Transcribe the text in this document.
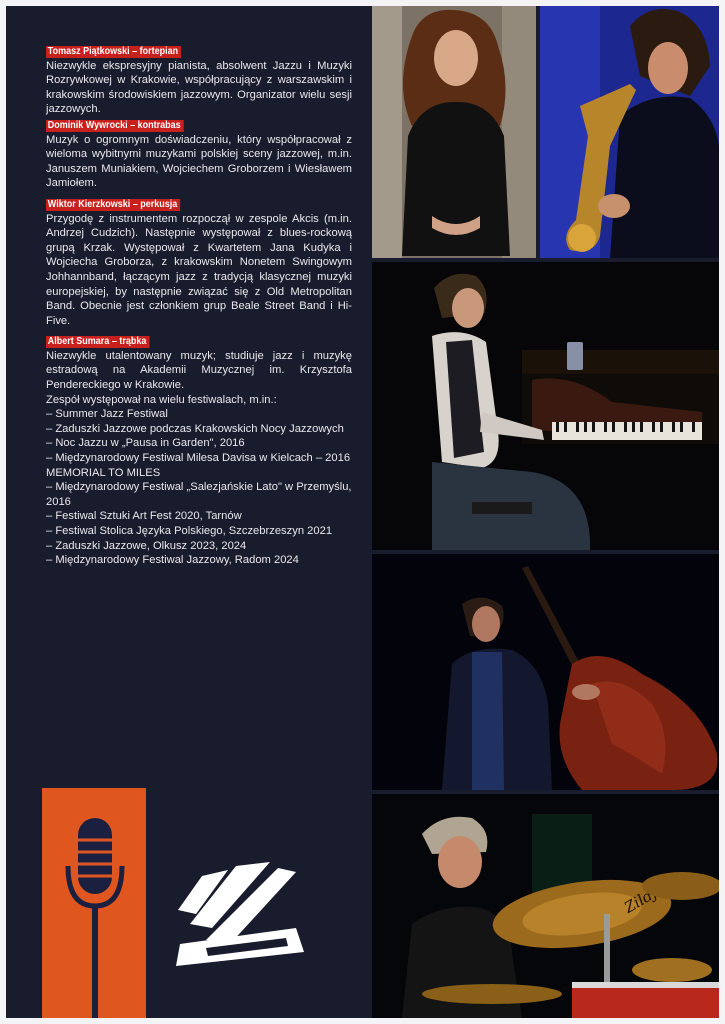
Tomasz Piątkowski – fortepian

Niezwykle ekspresyjny pianista, absolwent Jazzu i Muzyki Rozrywkowej w Krakowie, współpracujący z warszawskim i krakowskim środowiskiem jazzowym. Organizator wielu sesji jazzowych.

Dominik Wywrocki – kontrabas

Muzyk o ogromnym doświadczeniu, który współpracował z wieloma wybitnymi muzykami polskiej sceny jazzowej, m.in. Januszem Muniakiem, Wojciechem Groborzem i Wiesławem Jamiołem.

Wiktor Kierzkowski – perkusja

Przygodę z instrumentem rozpoczął w zespole Akcis (m.in. Andrzej Cudzich). Następnie występował z blues-rockową grupą Krzak. Występował z Kwartetem Jana Kudyka i Wojciecha Groborza, z krakowskim Nonetem Swingowym Johhannband, łączącym jazz z tradycją klasycznej muzyki europejskiej, by następnie związać się z Old Metropolitan Band. Obecnie jest członkiem grup Beale Street Band i Hi-Five.

Albert Sumara – trąbka

Niezwykle utalentowany muzyk; studiuje jazz i muzykę estradową na Akademii Muzycznej im. Krzysztofa Pendereckiego w Krakowie.

Zespół występował na wielu festiwalach, m.in.:

– Summer Jazz Festiwal

– Zaduszki Jazzowe podczas Krakowskich Nocy Jazzowych

– Noc Jazzu w „Pausa in Garden", 2016

– Międzynarodowy Festiwal Milesa Davisa w Kielcach – 2016 MEMORIAL TO MILES

– Międzynarodowy Festiwal „Salezjańskie Lato" w Przemyślu, 2016

– Festiwal Sztuki Art Fest 2020, Tarnów

– Festiwal Stolica Języka Polskiego, Szczebrzeszyn 2021

– Zaduszki Jazzowe, Olkusz 2023, 2024

– Międzynarodowy Festiwal Jazzowy, Radom 2024
